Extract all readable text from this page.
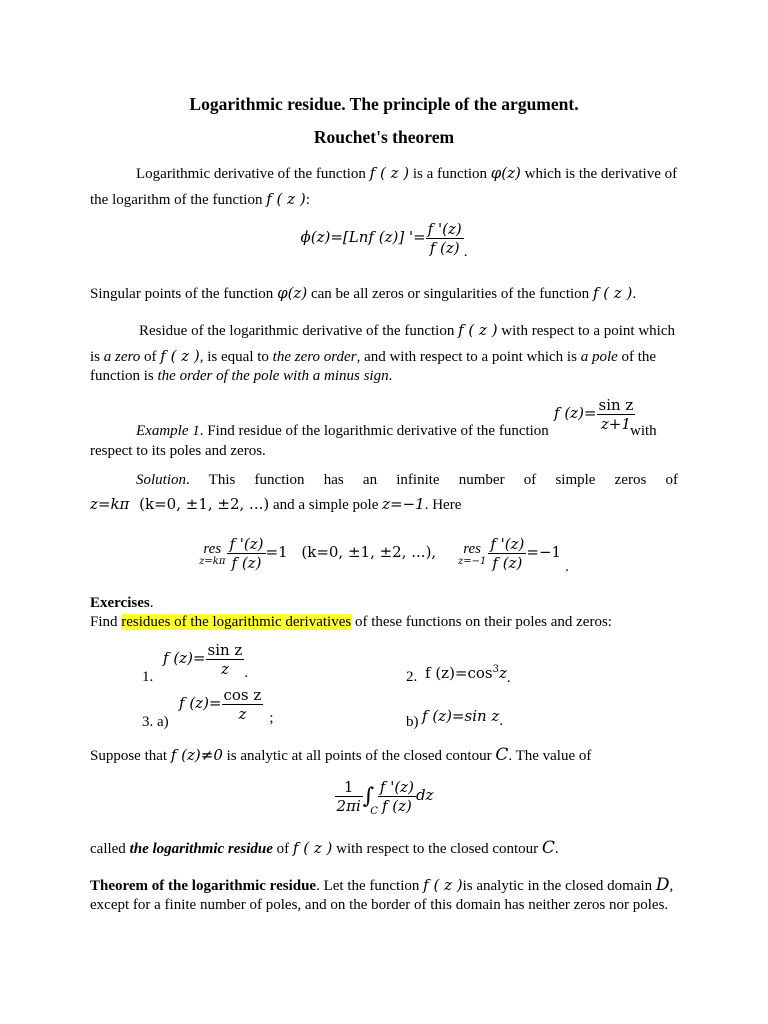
Logarithmic residue. The principle of the argument.
Rouchet's theorem
Logarithmic derivative of the function f ( z ) is a function φ(z) which is the derivative of
the logarithm of the function f ( z ):
ϕ(z)=[Lnf (z)] '= $\frac{f '(z)}{f (z)}$ .
Singular points of the function φ(z) can be all zeros or singularities of the function f ( z ).
Residue of the logarithmic derivative of the function f ( z ) with respect to a point which
is a zero of f ( z ), is equal to the zero order, and with respect to a point which is a pole of the
function is the order of the pole with a minus sign.
f $(z)= \frac{\text{sin z}}{z+1}$
Example 1. Find residue of the logarithmic derivative of the function	with
respect to its poles and zeros.
Solution. This function has an infinite number of simple zeros of
z=kπ (k=0, ±1, ±2, ...) and a simple pole z=−1. Here
res
$z=k\pi \frac{f '(z)}{f (z)} =1$ (k=0, ±1, ±2, ...),	res
$z=-1 \frac{f '(z)}{f (z)} =-1$.
Exercises.
Find residues of the logarithmic derivatives of these functions on their poles and zeros:
1.
f $(z)= \frac{\text{sin z}}{z}$ .	2. f $(z)=\cos^3z$.
3. a)
f $(z)= \frac{\text{cos z}}{z}$ ;	b) f (z)=sin z.
Suppose that f (z)≠0 is analytic at all points of the closed contour C. The value of
$\frac{1}{2\pi i} \int_C \frac{f '(z)}{f (z)}$ dz
called the logarithmic residue of f ( z ) with respect to the closed contour C.
Theorem of the logarithmic residue. Let the function f ( z )is analytic in the closed domain D,
except for a finite number of poles, and on the border of this domain has neither zeros nor poles.
